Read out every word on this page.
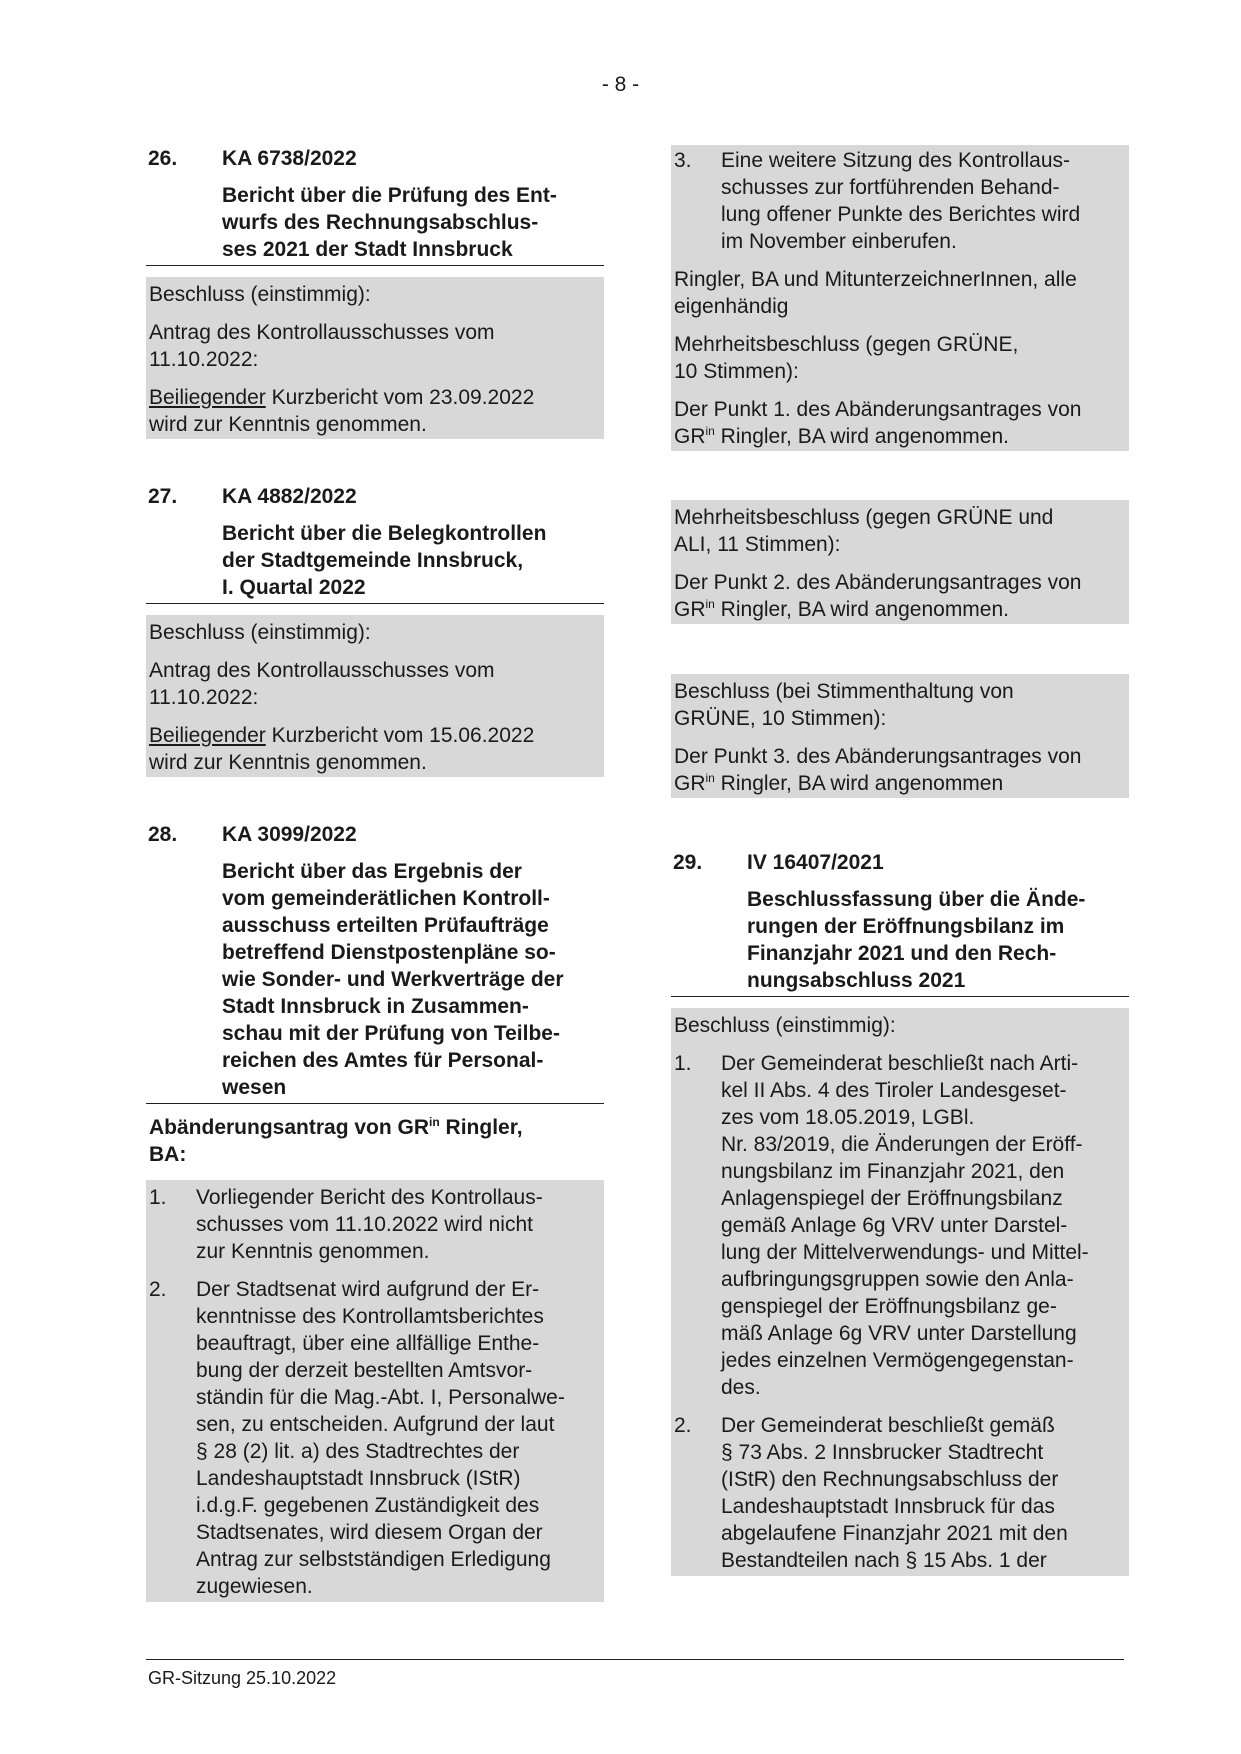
- 8 -
26.	KA 6738/2022
Bericht über die Prüfung des Ent-
wurfs des Rechnungsabschlus-
ses 2021 der Stadt Innsbruck

Beschluss (einstimmig):

Antrag des Kontrollausschusses vom
11.10.2022:

Beiliegender Kurzbericht vom 23.09.2022
wird zur Kenntnis genommen.

27.	KA 4882/2022
Bericht über die Belegkontrollen
der Stadtgemeinde Innsbruck,
I. Quartal 2022

Beschluss (einstimmig):

Antrag des Kontrollausschusses vom
11.10.2022:

Beiliegender Kurzbericht vom 15.06.2022
wird zur Kenntnis genommen.

28.	KA 3099/2022
Bericht über das Ergebnis der
vom gemeinderätlichen Kontroll-
ausschuss erteilten Prüfaufträge
betreffend Dienstpostenpläne so-
wie Sonder- und Werkverträge der
Stadt Innsbruck in Zusammen-
schau mit der Prüfung von Teilbe-
reichen des Amtes für Personal-
wesen
Abänderungsantrag von $GR^{in}$ Ringler,
BA:
1.	Vorliegender Bericht des Kontrollaus-
schusses vom 11.10.2022 wird nicht
zur Kenntnis genommen.
2.	Der Stadtsenat wird aufgrund der Er-
kenntnisse des Kontrollamtsberichtes
beauftragt, über eine allfällige Enthe-
bung der derzeit bestellten Amtsvor-
ständin für die Mag.-Abt. I, Personalwe-
sen, zu entscheiden. Aufgrund der laut
§ 28 (2) lit. a) des Stadtrechtes der
Landeshauptstadt Innsbruck (IStR)
i.d.g.F. gegebenen Zuständigkeit des
Stadtsenates, wird diesem Organ der
Antrag zur selbstständigen Erledigung
zugewiesen.
3.	Eine weitere Sitzung des Kontrollaus-
schusses zur fortführenden Behand-
lung offener Punkte des Berichtes wird
im November einberufen.

Ringler, BA und MitunterzeichnerInnen, alle
eigenhändig

Mehrheitsbeschluss (gegen GRÜNE,
10 Stimmen):

Der Punkt 1. des Abänderungsantrages von
$GR^{in}$ Ringler, BA wird angenommen.

Mehrheitsbeschluss (gegen GRÜNE und
ALI, 11 Stimmen):

Der Punkt 2. des Abänderungsantrages von
$GR^{in}$ Ringler, BA wird angenommen.

Beschluss (bei Stimmenthaltung von
GRÜNE, 10 Stimmen):

Der Punkt 3. des Abänderungsantrages von
$GR^{in}$ Ringler, BA wird angenommen

29.	IV 16407/2021
Beschlussfassung über die Ände-
rungen der Eröffnungsbilanz im
Finanzjahr 2021 und den Rech-
nungsabschluss 2021

Beschluss (einstimmig):

1.	Der Gemeinderat beschließt nach Arti-
kel II Abs. 4 des Tiroler Landesgeset-
zes vom 18.05.2019, LGBl.
Nr. 83/2019, die Änderungen der Eröff-
nungsbilanz im Finanzjahr 2021, den
Anlagenspiegel der Eröffnungsbilanz
gemäß Anlage 6g VRV unter Darstel-
lung der Mittelverwendungs- und Mittel-
aufbringungsgruppen sowie den Anla-
genspiegel der Eröffnungsbilanz ge-
mäß Anlage 6g VRV unter Darstellung
jedes einzelnen Vermögengegenstan-
des.
2.	Der Gemeinderat beschließt gemäß
§ 73 Abs. 2 Innsbrucker Stadtrecht
(IStR) den Rechnungsabschluss der
Landeshauptstadt Innsbruck für das
abgelaufene Finanzjahr 2021 mit den
Bestandteilen nach § 15 Abs. 1 der
GR-Sitzung 25.10.2022
